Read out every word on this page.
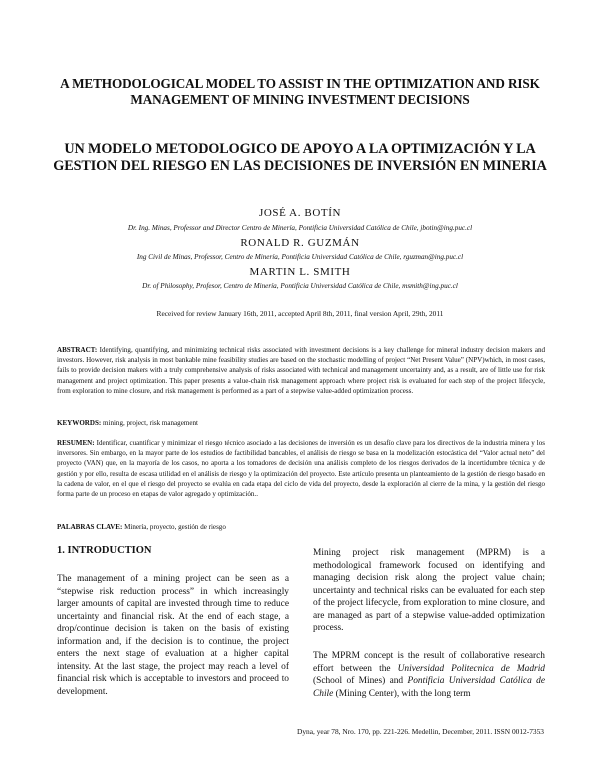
A METHODOLOGICAL MODEL TO ASSIST IN THE OPTIMIZATION AND RISK MANAGEMENT OF MINING INVESTMENT DECISIONS
UN MODELO METODOLOGICO DE APOYO A LA OPTIMIZACIÓN Y LA GESTION DEL RIESGO EN LAS DECISIONES DE INVERSIÓN EN MINERIA
JOSÉ A. BOTÍN
Dr. Ing. Minas, Professor and Director Centro de Minería, Pontificia Universidad Católica de Chile, jbotin@ing.puc.cl
RONALD R. GUZMÁN
Ing Civil de Minas, Professor, Centro de Minería, Pontificia Universidad Católica de Chile, rguzman@ing.puc.cl
MARTIN L. SMITH
Dr. of Philosophy, Profesor, Centro de Minería, Pontificia Universidad Católica de Chile, msmith@ing.puc.cl
Received for review January 16th, 2011, accepted April 8th, 2011, final version April, 29th, 2011

ABSTRACT: Identifying, quantifying, and minimizing technical risks associated with investment decisions is a key challenge for mineral industry decision makers and investors. However, risk analysis in most bankable mine feasibility studies are based on the stochastic modelling of project “Net Present Value” (NPV)which, in most cases, fails to provide decision makers with a truly comprehensive analysis of risks associated with technical and management uncertainty and, as a result, are of little use for risk management and project optimization. This paper presents a value-chain risk management approach where project risk is evaluated for each step of the project lifecycle, from exploration to mine closure, and risk management is performed as a part of a stepwise value-added optimization process.

KEYWORDS: mining, project, risk management

RESUMEN: Identificar, cuantificar y minimizar el riesgo técnico asociado a las decisiones de inversión es un desafío clave para los directivos de la industria minera y los inversores. Sin embargo, en la mayor parte de los estudios de factibilidad bancables, el análisis de riesgo se basa en la modelización estocástica del “Valor actual neto” del proyecto (VAN) que, en la mayoría de los casos, no aporta a los tomadores de decisión una análisis completo de los riesgos derivados de la incertidumbre técnica y de gestión y por ello, resulta de escasa utilidad en el análisis de riesgo y la optimización del proyecto. Este artículo presenta un planteamiento de la gestión de riesgo basado en la cadena de valor, en el que el riesgo del proyecto se evalúa en cada etapa del ciclo de vida del proyecto, desde la exploración al cierre de la mina, y la gestión del riesgo forma parte de un proceso en etapas de valor agregado y optimización..

PALABRAS CLAVE: Minería, proyecto, gestión de riesgo

1. INTRODUCTION

The management of a mining project can be seen as a “stepwise risk reduction process” in which increasingly larger amounts of capital are invested through time to reduce uncertainty and financial risk. At the end of each stage, a drop/continue decision is taken on the basis of existing information and, if the decision is to continue, the project enters the next stage of evaluation at a higher capital intensity. At the last stage, the project may reach a level of financial risk which is acceptable to investors and proceed to development.

Mining project risk management (MPRM) is a methodological framework focused on identifying and managing decision risk along the project value chain; uncertainty and technical risks can be evaluated for each step of the project lifecycle, from exploration to mine closure, and are managed as part of a stepwise value-added optimization process.

The MPRM concept is the result of collaborative research effort between the Universidad Politecnica de Madrid (School of Mines) and Pontificia Universidad Católica de Chile (Mining Center), with the long term

Dyna, year 78, Nro. 170, pp. 221-226. Medellin, December, 2011. ISSN 0012-7353
